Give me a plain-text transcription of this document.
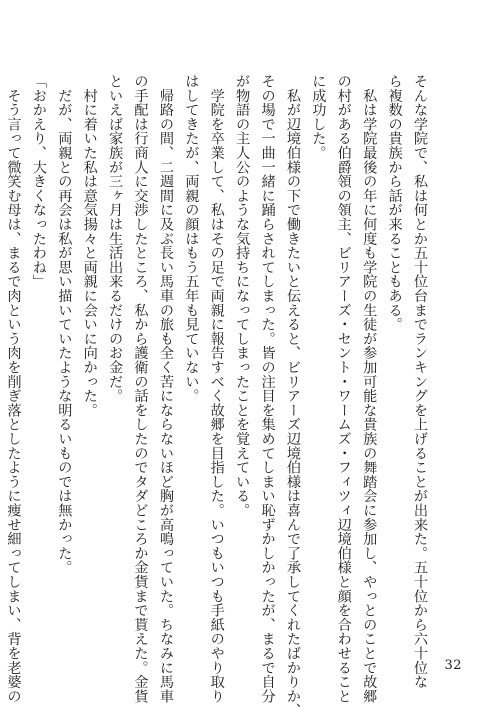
そんな学院で、私は何とか五十位台までランキングを上げることが出来た。五十位から六十位な
ら複数の貴族から話が来ることもある。
　私は学院最後の年に何度も学院の生徒が参加可能な貴族の舞踏会に参加し、やっとのことで故郷
の村がある伯爵領の領主、ビリアーズ・セント・ワームズ・フィツィ辺境伯様と顔を合わせること
に成功した。
　私が辺境伯様の下で働きたいと伝えると、ビリアーズ辺境伯様は喜んで了承してくれたばかりか、
その場で一曲一緒に踊らされてしまった。皆の注目を集めてしまい恥ずかしかったが、まるで自分
が物語の主人公のような気持ちになってしまったことを覚えている。
　学院を卒業して、私はその足で両親に報告すべく故郷を目指した。いつもいつも手紙のやり取り
はしてきたが、両親の顔はもう五年も見ていない。
　帰路の間、二週間に及ぶ長い馬車の旅も全く苦にならないほど胸が高鳴っていた。ちなみに馬車
の手配は行商人に交渉したところ、私から護衛の話をしたのでタダどころか金貨まで貰えた。金貨
といえば家族が三ヶ月は生活出来るだけのお金だ。
　村に着いた私は意気揚々と両親に会いに向かった。
　だが、両親との再会は私が思い描いていたような明るいものでは無かった。
「おかえり、大きくなったわね」
　そう言って微笑む母は、まるで肉という肉を削ぎ落としたように痩せ細ってしまい、背を老婆の	32
